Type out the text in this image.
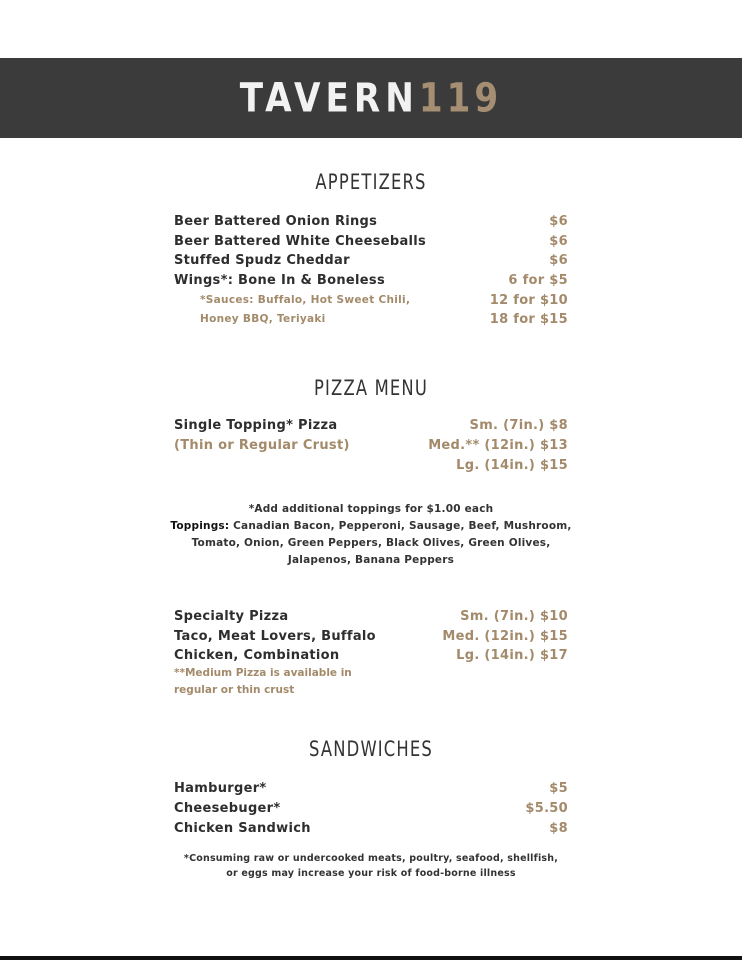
TAVERN119
APPETIZERS
Beer Battered Onion Rings	$6
Beer Battered White Cheeseballs	$6
Stuffed Spudz Cheddar	$6
Wings*: Bone In & Boneless	6 for $5
*Sauces: Buffalo, Hot Sweet Chili,	12 for $10
Honey BBQ, Teriyaki	18 for $15
PIZZA MENU
Single Topping* Pizza	Sm. (7in.) $8
(Thin or Regular Crust)	Med.** (12in.) $13
Lg. (14in.) $15
*Add additional toppings for $1.00 each
Toppings: Canadian Bacon, Pepperoni, Sausage, Beef, Mushroom,
Tomato, Onion, Green Peppers, Black Olives, Green Olives,
Jalapenos, Banana Peppers
Specialty Pizza	Sm. (7in.) $10
Taco, Meat Lovers, Buffalo	Med. (12in.) $15
Chicken, Combination	Lg. (14in.) $17
**Medium Pizza is available in
regular or thin crust
SANDWICHES
Hamburger*	$5
Cheesebuger*	$5.50
Chicken Sandwich	$8
*Consuming raw or undercooked meats, poultry, seafood, shellfish,
or eggs may increase your risk of food-borne illness
